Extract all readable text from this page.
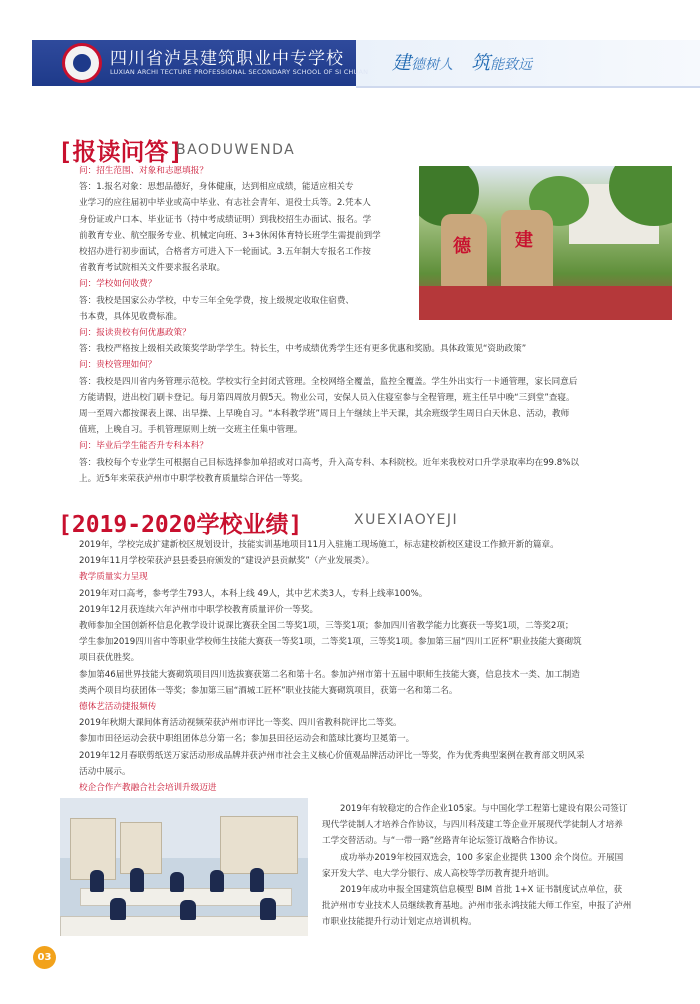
四川省泸县建筑职业中专学校
LUXIAN ARCHI TECTURE PROFESSIONAL SECONDARY SCHOOL OF SI CHUAN 建德树人 筑能致远
[报读问答]
BAODUWENDA
德 建

问：招生范围、对象和志愿填报？

答：1.报名对象：思想品德好，身体健康，达到相应成绩，能适应相关专

业学习的应往届初中毕业或高中毕业、有志社会青年、退役士兵等。2.凭本人

身份证或户口本、毕业证书（持中考成绩证明）到我校招生办面试、报名。学

前教育专业、航空服务专业、机械定向班、3+3休闲体育特长班学生需提前到学

校招办进行初步面试，合格者方可进入下一轮面试。3.五年制大专报名工作按

省教育考试院相关文件要求报名录取。

问：学校如何收费？

答：我校是国家公办学校，中专三年全免学费，按上级规定收取住宿费、

书本费，具体见收费标准。

问：报读贵校有何优惠政策？

答：我校严格按上级相关政策奖学助学学生。特长生，中考成绩优秀学生还有更多优惠和奖励。具体政策见“资助政策”

问：贵校管理如何？

答：我校是四川省内务管理示范校。学校实行全封闭式管理。全校网络全覆盖，监控全覆盖。学生外出实行一卡通管理，家长同意后

方能请假，进出校门刷卡登记。每月第四周放月假5天。物业公司，安保人员入住寝室参与全程管理，班主任早中晚“三到堂”查寝。

周一至周六都按课表上课、出早操、上早晚自习。“本科教学班”周日上午继续上半天课，其余班级学生周日白天休息、活动，教师

值班，上晚自习。手机管理原则上统一交班主任集中管理。

问：毕业后学生能否升专科本科？

答：我校每个专业学生可根据自己目标选择参加单招或对口高考，升入高专科、本科院校。近年来我校对口升学录取率均在99.8%以

上。近5年来荣获泸州市中职学校教育质量综合评估一等奖。

[2019-2020学校业绩]	XUEXIAOYEJI

2019年，学校完成扩建新校区规划设计，技能实训基地项目11月入驻施工现场施工，标志建校新校区建设工作掀开新的篇章。

2019年11月学校荣获泸县县委县府颁发的“建设泸县贡献奖”（产业发展类）。

教学质量实力呈现

2019年对口高考，参考学生793人，本科上线 49人，其中艺术类3人，专科上线率100%。

2019年12月获连续六年泸州市中职学校教育质量评价一等奖。

教师参加全国创新杯信息化教学设计说课比赛获全国二等奖1项，三等奖1项；参加四川省教学能力比赛获一等奖1项，二等奖2项；

学生参加2019四川省中等职业学校师生技能大赛获一等奖1项，二等奖1项，三等奖1项。参加第三届“四川工匠杯”职业技能大赛砌筑

项目获优胜奖。

参加第46届世界技能大赛砌筑项目四川选拔赛获第二名和第十名。参加泸州市第十五届中职师生技能大赛，信息技术一类、加工制造

类两个项目均获团体一等奖；参加第三届“酒城工匠杯”职业技能大赛砌筑项目，获第一名和第二名。

德体艺活动捷报频传

2019年秋期大课间体育活动视频荣获泸州市评比一等奖、四川省教科院评比二等奖。

参加市田径运动会获中职组团体总分第一名；参加县田径运动会和篮球比赛均卫冕第一。

2019年12月春联剪纸送万家活动形成品牌并获泸州市社会主义核心价值观品牌活动评比一等奖，作为优秀典型案例在教育部文明风采

活动中展示。

校企合作产教融合社会培训升级迈进

2019年有较稳定的合作企业105家。与中国化学工程第七建设有限公司签订

现代学徒制人才培养合作协议，与四川科茂建工等企业开展现代学徒制人才培养

工学交替活动。与“一带一路”丝路青年论坛签订战略合作协议。

成功举办2019年校园双选会，100 多家企业提供 1300 余个岗位。开展国

家开发大学、电大学分银行、成人高校等学历教育提升培训。

2019年成功申报全国建筑信息模型 BIM 首批 1+X 证书制度试点单位，获

批泸州市专业技术人员继续教育基地。泸州市张永鸿技能大师工作室，申报了泸州

市职业技能提升行动计划定点培训机构。

03
